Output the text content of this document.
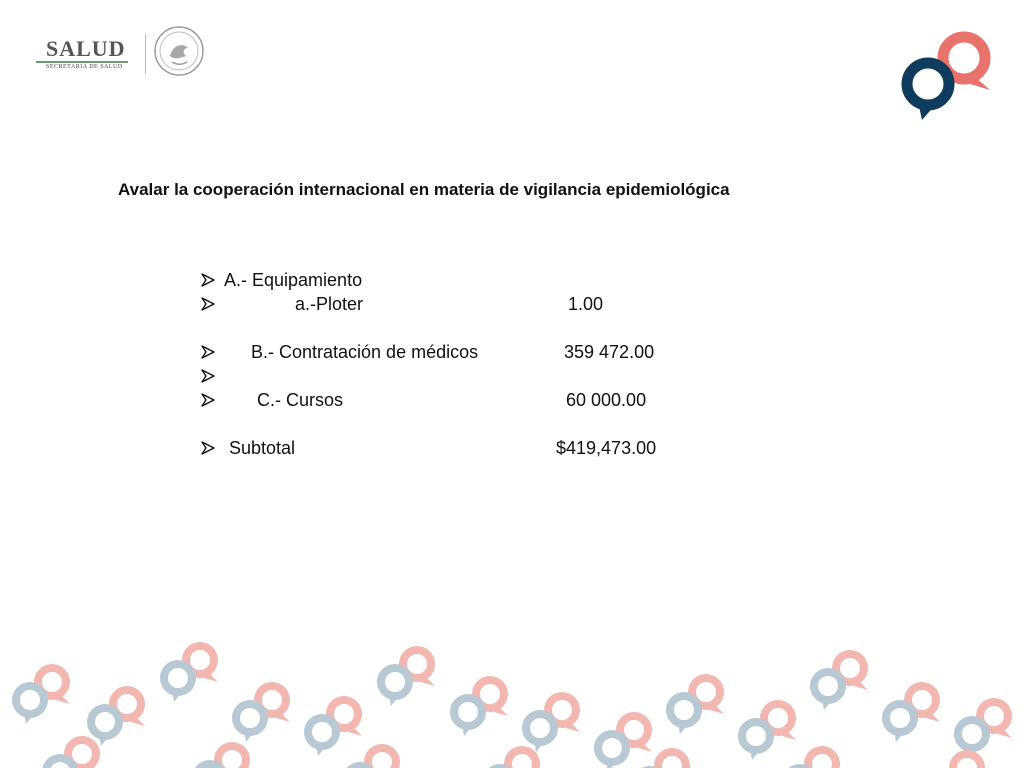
SALUD
SECRETARÍA DE SALUD
Avalar la cooperación internacional en materia de vigilancia epidemiológica
A.- Equipamiento
a.-Ploter	1.00
B.- Contratación de médicos	359 472.00
C.- Cursos	60 000.00
Subtotal	$419,473.00
